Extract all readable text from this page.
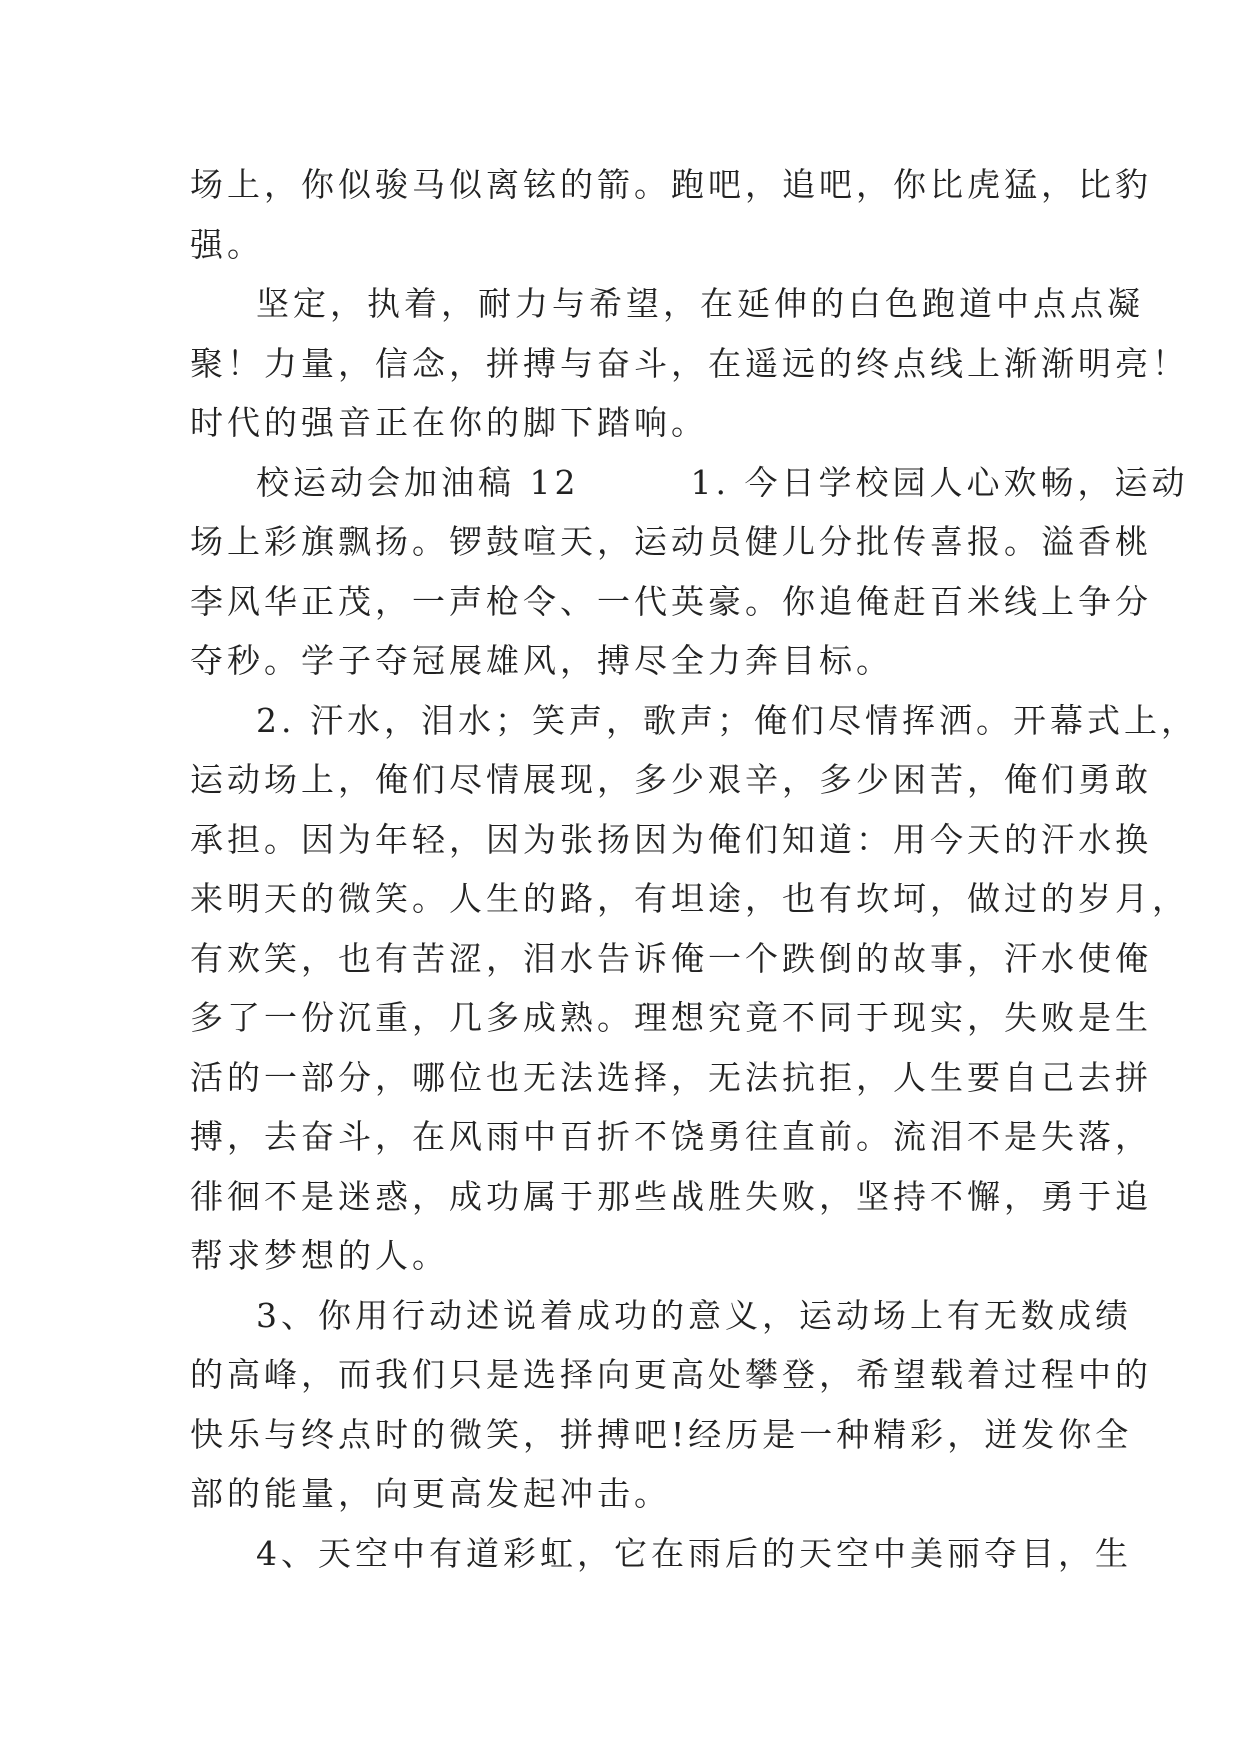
场上，你似骏马似离铉的箭。跑吧，追吧，你比虎猛，比豹
强。
坚定，执着，耐力与希望，在延伸的白色跑道中点点凝
聚！力量，信念，拼搏与奋斗，在遥远的终点线上渐渐明亮！
时代的强音正在你的脚下踏响。
校运动会加油稿 12　　　1. 今日学校园人心欢畅，运动
场上彩旗飘扬。锣鼓喧天，运动员健儿分批传喜报。溢香桃
李风华正茂，一声枪令、一代英豪。你追俺赶百米线上争分
夺秒。学子夺冠展雄风，搏尽全力奔目标。
2. 汗水，泪水；笑声，歌声；俺们尽情挥洒。开幕式上，
运动场上，俺们尽情展现，多少艰辛，多少困苦，俺们勇敢
承担。因为年轻，因为张扬因为俺们知道：用今天的汗水换
来明天的微笑。人生的路，有坦途，也有坎坷，做过的岁月，
有欢笑，也有苦涩，泪水告诉俺一个跌倒的故事，汗水使俺
多了一份沉重，几多成熟。理想究竟不同于现实，失败是生
活的一部分，哪位也无法选择，无法抗拒，人生要自己去拼
搏，去奋斗，在风雨中百折不饶勇往直前。流泪不是失落，
徘徊不是迷惑，成功属于那些战胜失败，坚持不懈，勇于追
帮求梦想的人。
3、你用行动述说着成功的意义，运动场上有无数成绩
的高峰，而我们只是选择向更高处攀登，希望载着过程中的
快乐与终点时的微笑，拼搏吧!经历是一种精彩，迸发你全
部的能量，向更高发起冲击。
4、天空中有道彩虹，它在雨后的天空中美丽夺目，生
